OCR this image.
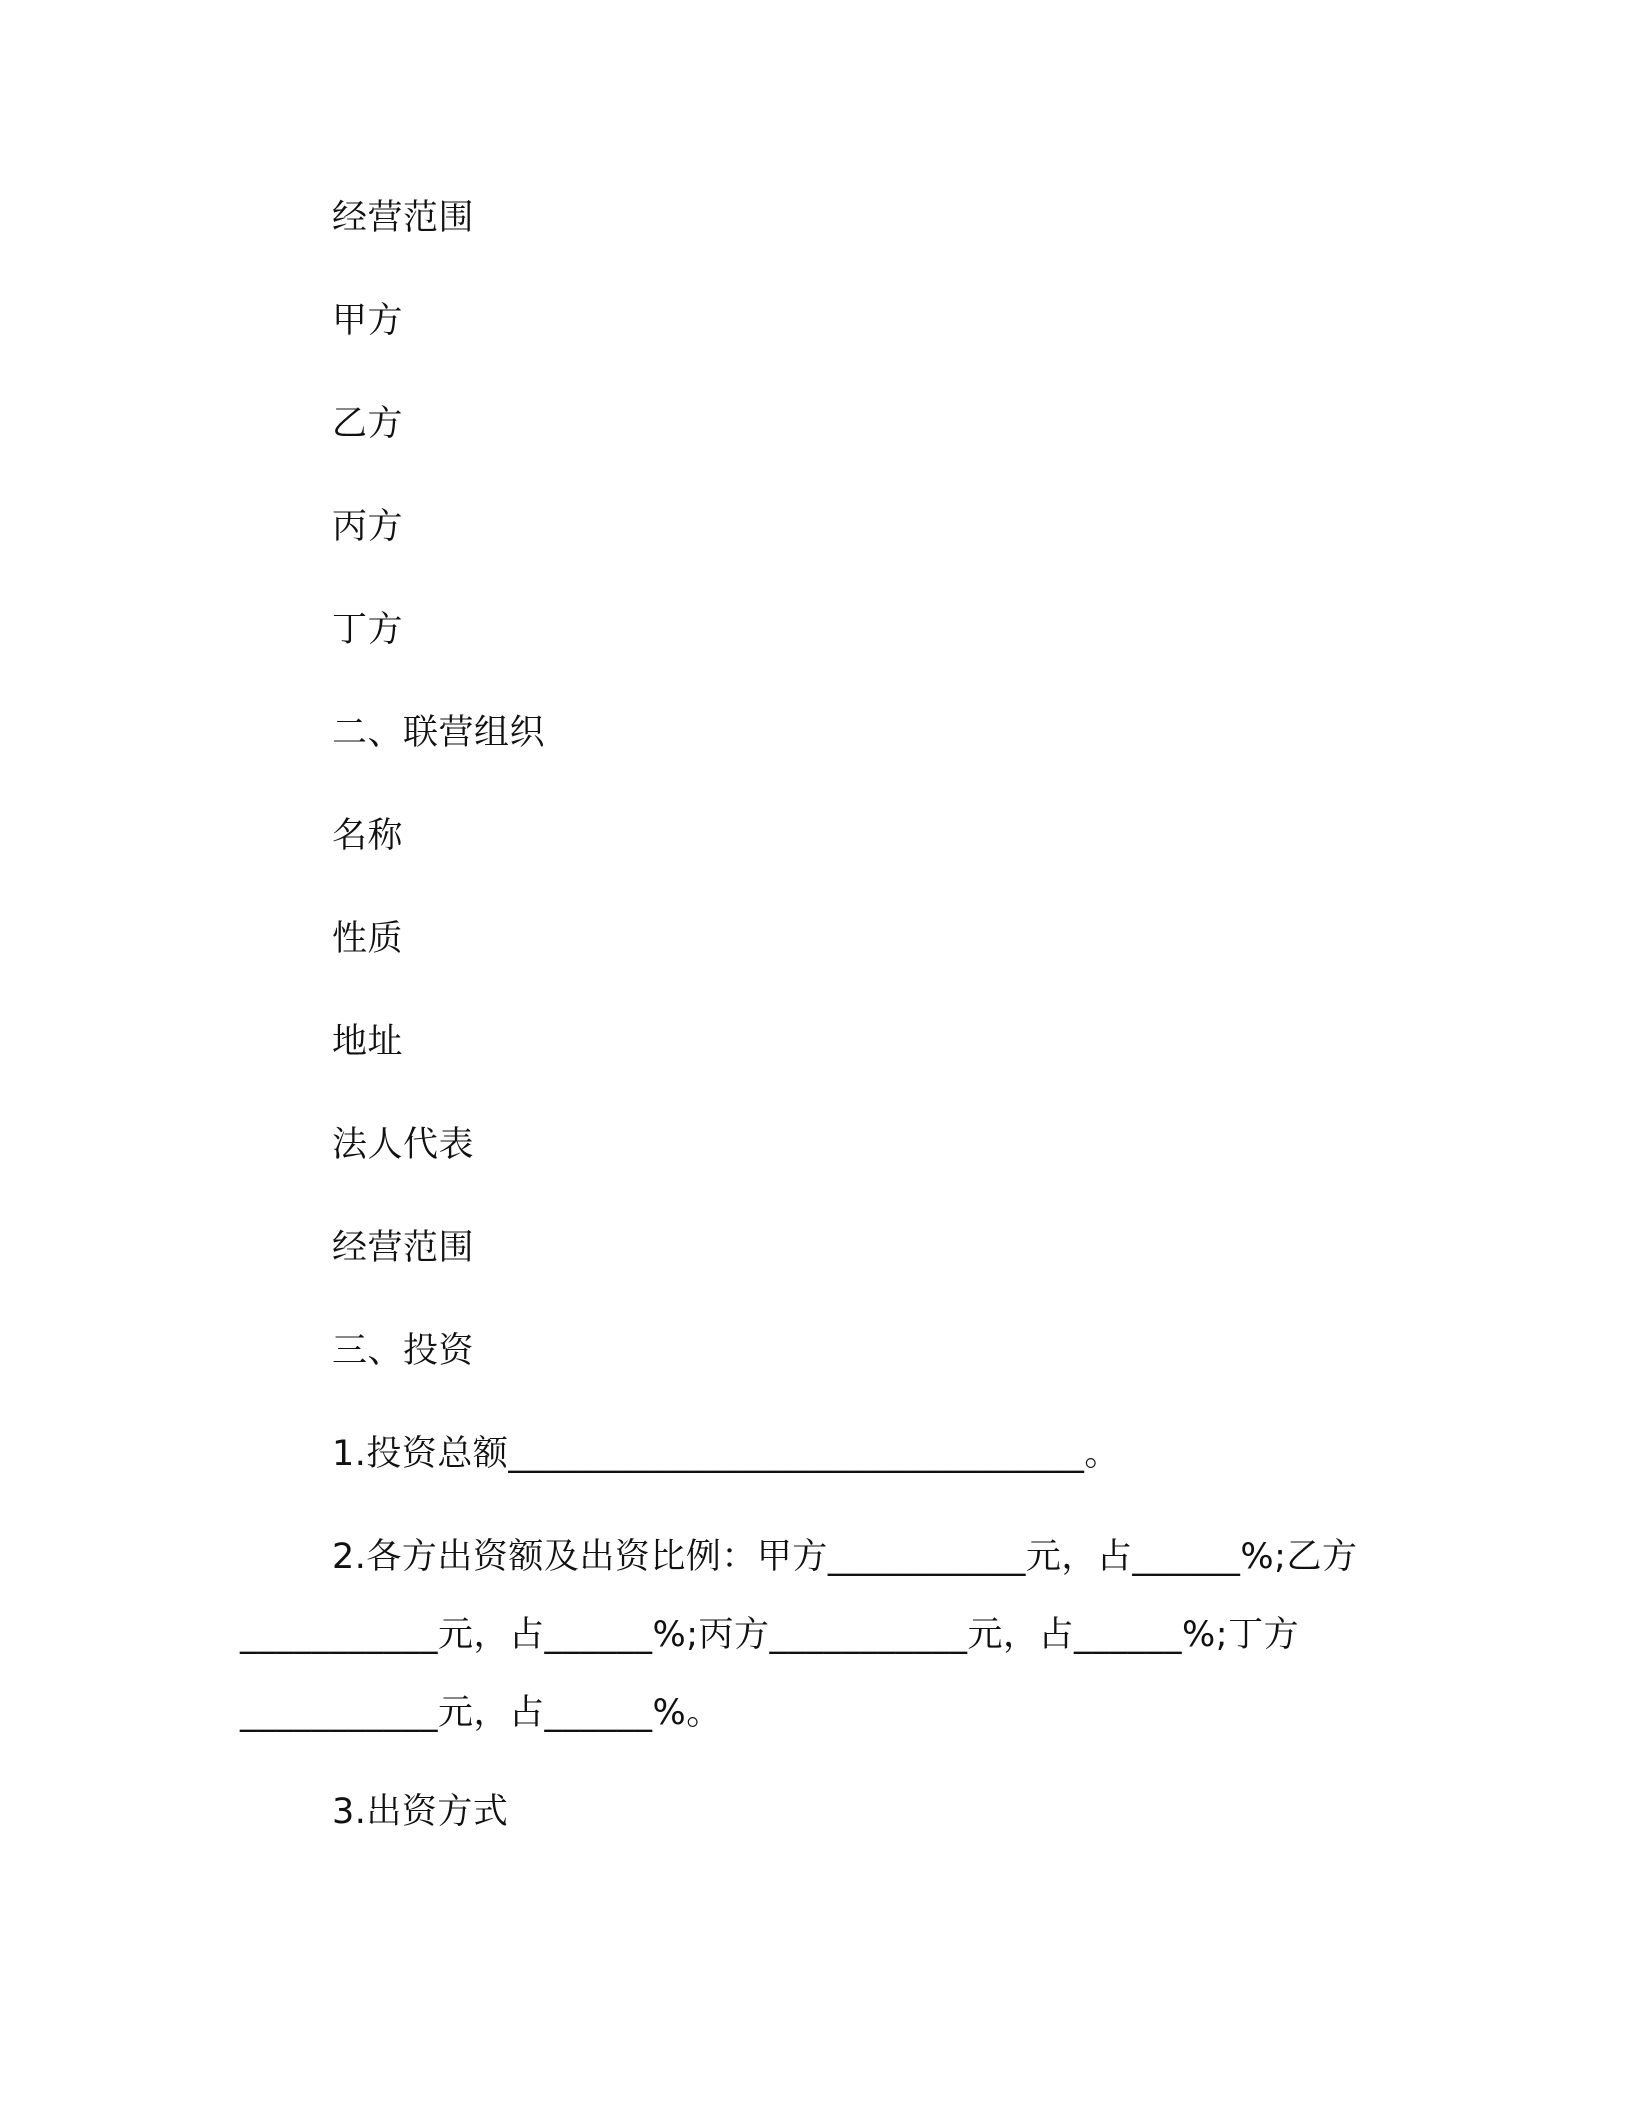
经营范围
甲方
乙方
丙方
丁方
二、联营组织
名称
性质
地址
法人代表
经营范围
三、投资
1.投资总额________________________________。
2.各方出资额及出资比例：甲方___________元，占______%;乙方___________元，占______%;丙方___________元，占______%;丁方___________元，占______%。
3.出资方式
